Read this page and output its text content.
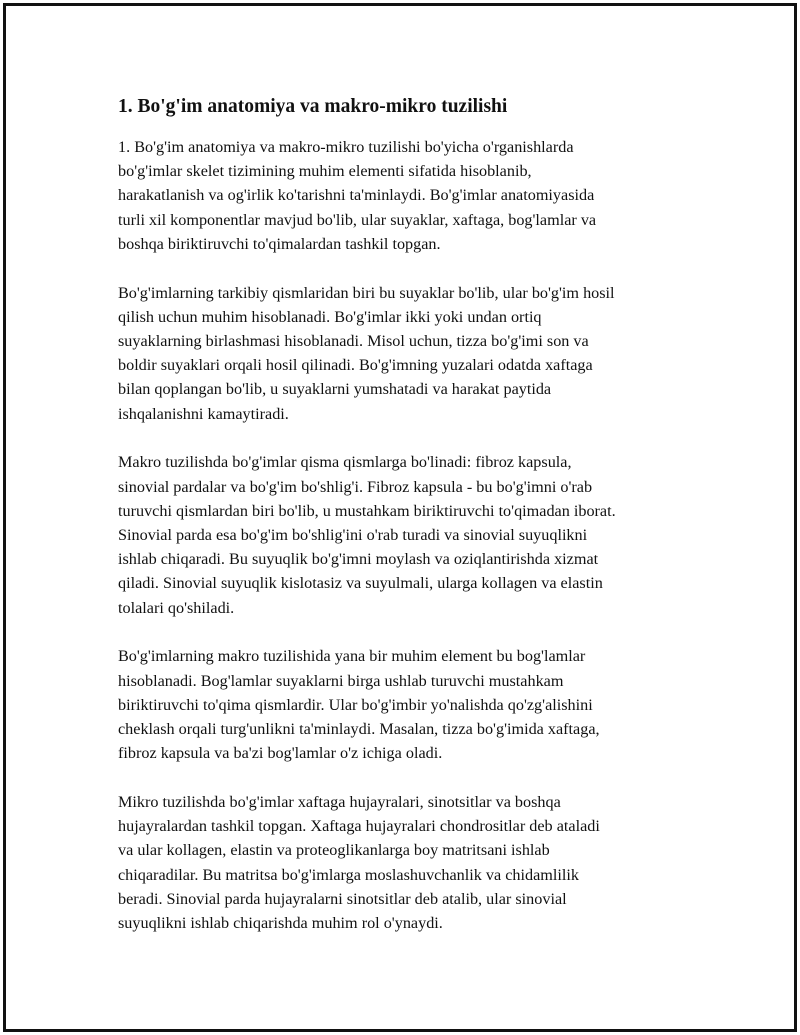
1. Bo'g'im anatomiya va makro-mikro tuzilishi

1. Bo'g'im anatomiya va makro-mikro tuzilishi bo'yicha o'rganishlarda
bo'g'imlar skelet tizimining muhim elementi sifatida hisoblanib,
harakatlanish va og'irlik ko'tarishni ta'minlaydi. Bo'g'imlar anatomiyasida
turli xil komponentlar mavjud bo'lib, ular suyaklar, xaftaga, bog'lamlar va
boshqa biriktiruvchi to'qimalardan tashkil topgan.

Bo'g'imlarning tarkibiy qismlaridan biri bu suyaklar bo'lib, ular bo'g'im hosil
qilish uchun muhim hisoblanadi. Bo'g'imlar ikki yoki undan ortiq
suyaklarning birlashmasi hisoblanadi. Misol uchun, tizza bo'g'imi son va
boldir suyaklari orqali hosil qilinadi. Bo'g'imning yuzalari odatda xaftaga
bilan qoplangan bo'lib, u suyaklarni yumshatadi va harakat paytida
ishqalanishni kamaytiradi.

Makro tuzilishda bo'g'imlar qisma qismlarga bo'linadi: fibroz kapsula,
sinovial pardalar va bo'g'im bo'shlig'i. Fibroz kapsula - bu bo'g'imni o'rab
turuvchi qismlardan biri bo'lib, u mustahkam biriktiruvchi to'qimadan iborat.
Sinovial parda esa bo'g'im bo'shlig'ini o'rab turadi va sinovial suyuqlikni
ishlab chiqaradi. Bu suyuqlik bo'g'imni moylash va oziqlantirishda xizmat
qiladi. Sinovial suyuqlik kislotasiz va suyulmali, ularga kollagen va elastin
tolalari qo'shiladi.

Bo'g'imlarning makro tuzilishida yana bir muhim element bu bog'lamlar
hisoblanadi. Bog'lamlar suyaklarni birga ushlab turuvchi mustahkam
biriktiruvchi to'qima qismlardir. Ular bo'g'imbir yo'nalishda qo'zg'alishini
cheklash orqali turg'unlikni ta'minlaydi. Masalan, tizza bo'g'imida xaftaga,
fibroz kapsula va ba'zi bog'lamlar o'z ichiga oladi.

Mikro tuzilishda bo'g'imlar xaftaga hujayralari, sinotsitlar va boshqa
hujayralardan tashkil topgan. Xaftaga hujayralari chondrositlar deb ataladi
va ular kollagen, elastin va proteoglikanlarga boy matritsani ishlab
chiqaradilar. Bu matritsa bo'g'imlarga moslashuvchanlik va chidamlilik
beradi. Sinovial parda hujayralarni sinotsitlar deb atalib, ular sinovial
suyuqlikni ishlab chiqarishda muhim rol o'ynaydi.
